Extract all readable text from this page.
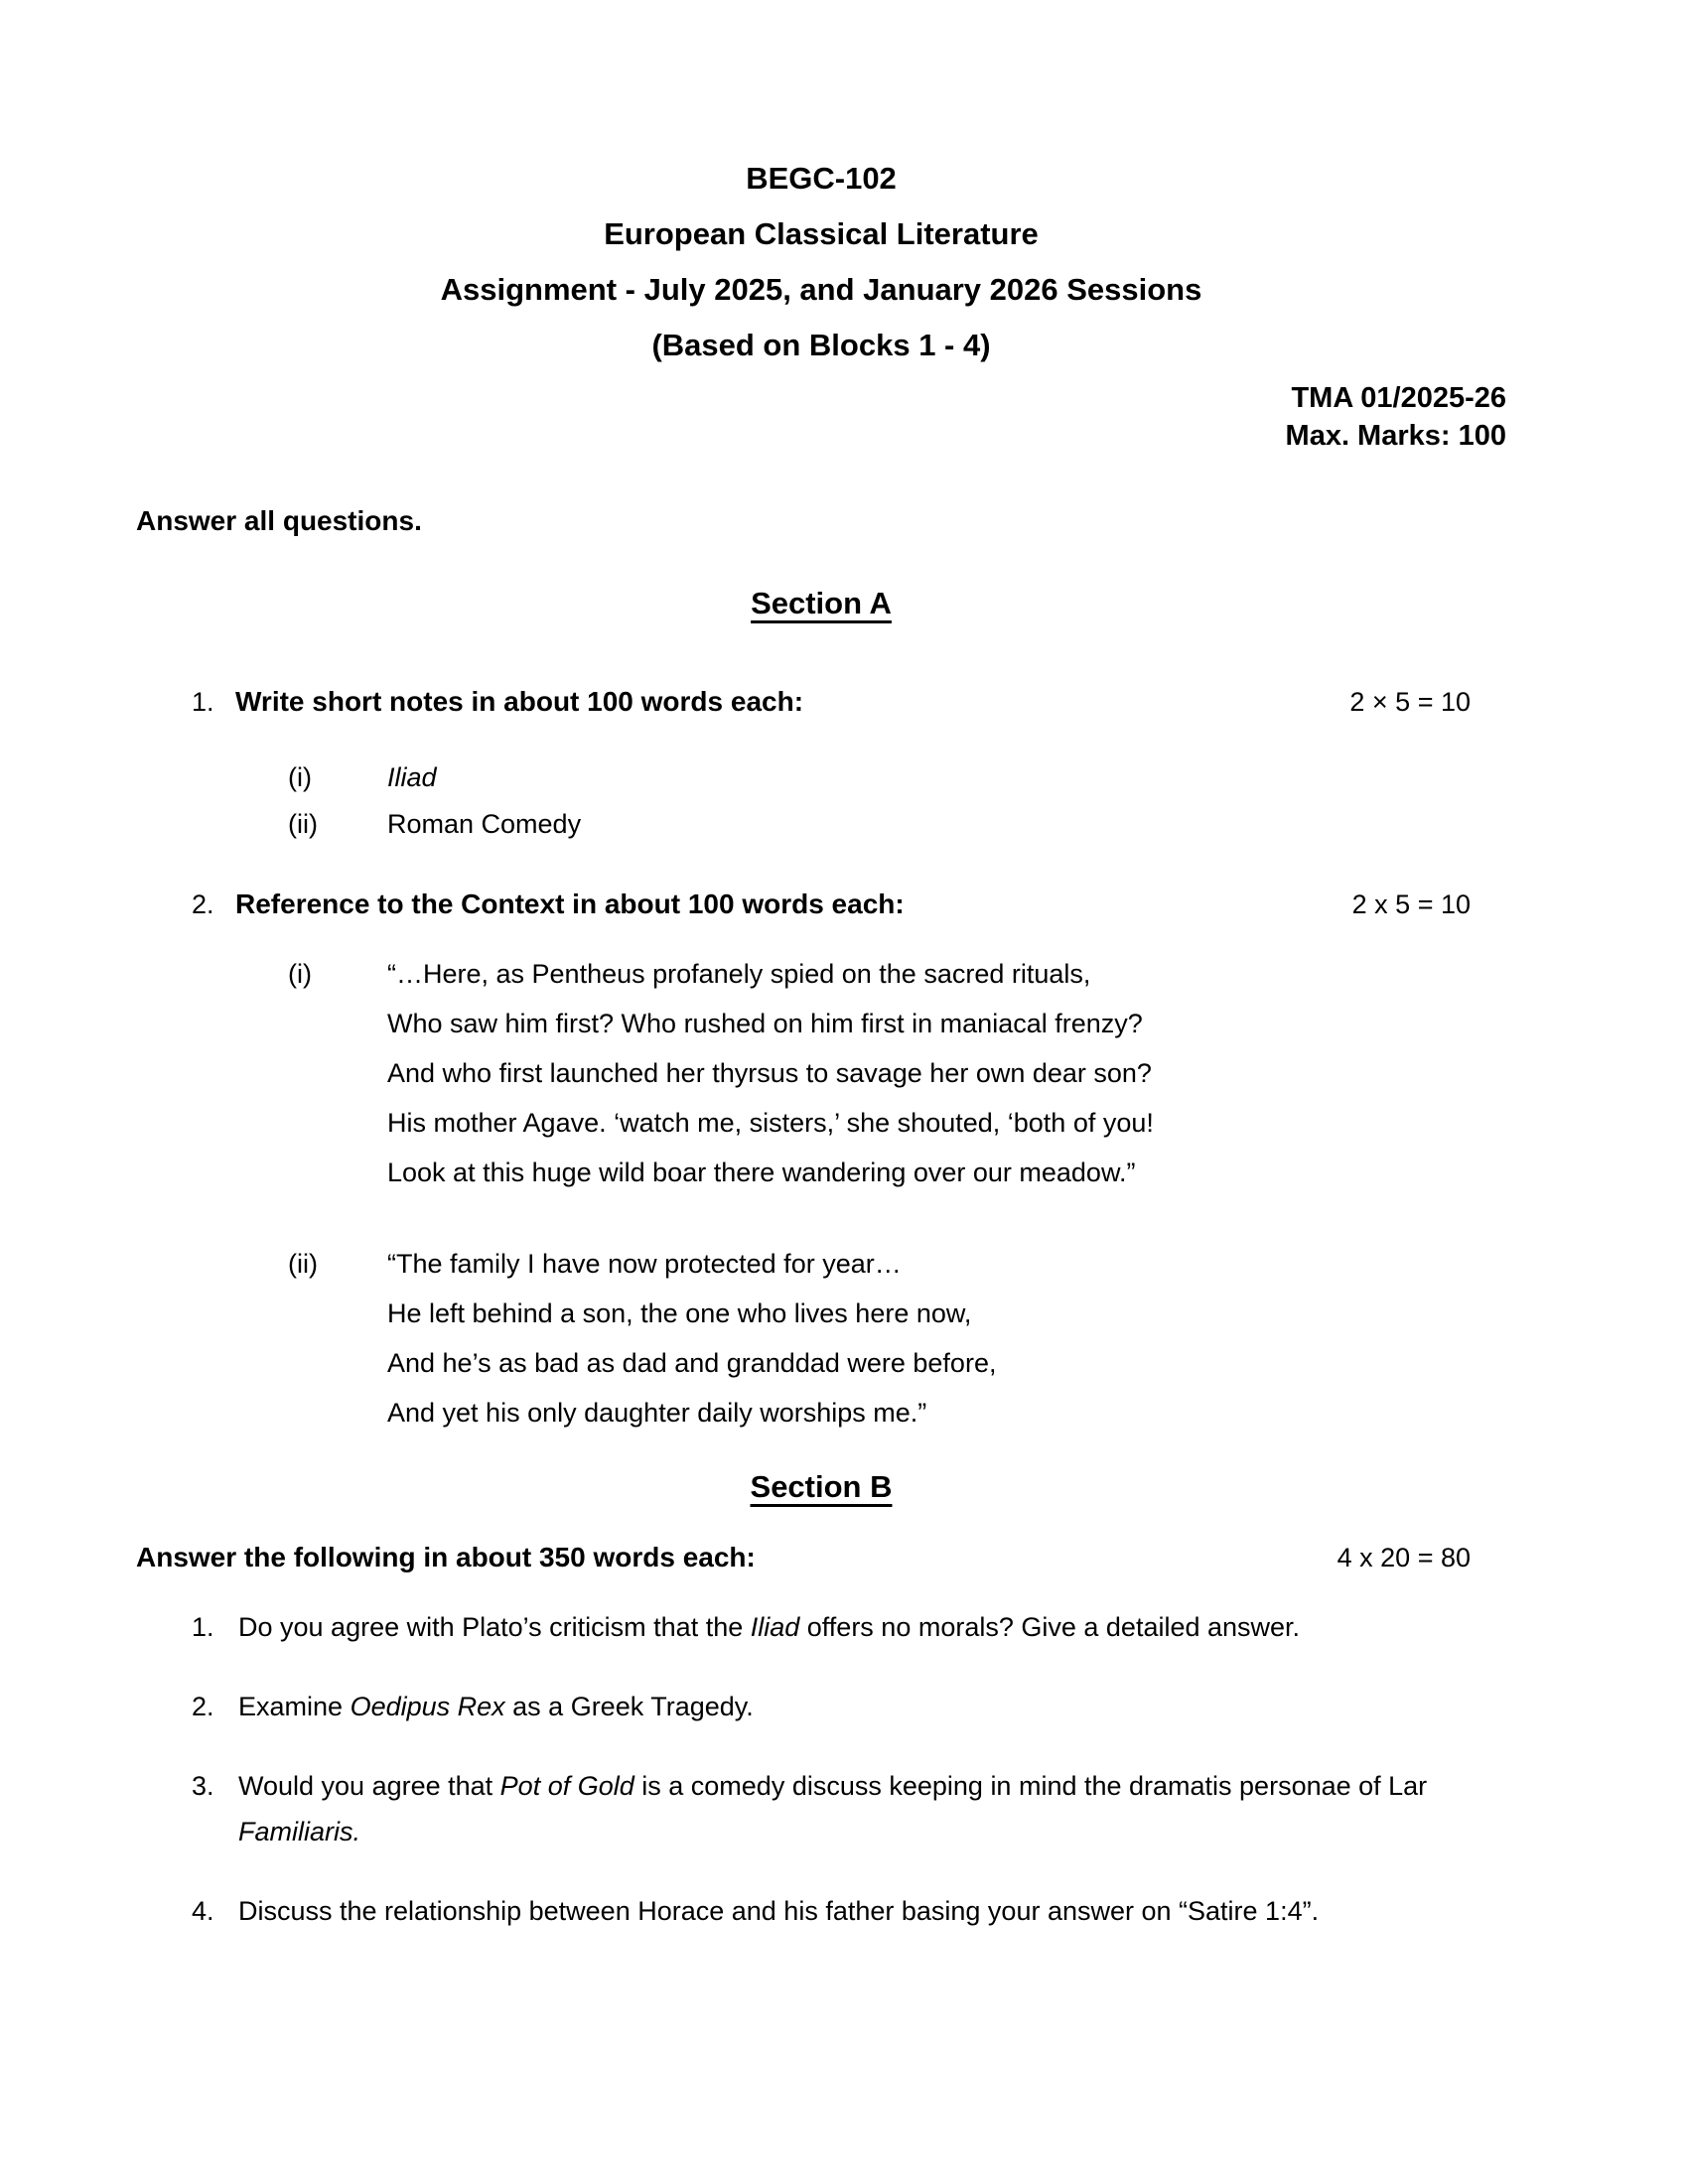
BEGC-102
European Classical Literature
Assignment - July 2025, and January 2026 Sessions
(Based on Blocks 1 - 4)
TMA 01/2025-26
Max. Marks: 100
Answer all questions.
Section A
1. Write short notes in about 100 words each:	2 × 5 = 10
(i)	Iliad
(ii)	Roman Comedy
2. Reference to the Context in about 100 words each:	2 x 5 = 10
(i)	“…Here, as Pentheus profanely spied on the sacred rituals,
Who saw him first? Who rushed on him first in maniacal frenzy?
And who first launched her thyrsus to savage her own dear son?
His mother Agave. ‘watch me, sisters,’ she shouted, ‘both of you!
Look at this huge wild boar there wandering over our meadow.”
(ii)	“The family I have now protected for year…
He left behind a son, the one who lives here now,
And he’s as bad as dad and granddad were before,
And yet his only daughter daily worships me.”
Section B
Answer the following in about 350 words each:	4 x 20 = 80
1. Do you agree with Plato’s criticism that the Iliad offers no morals? Give a detailed answer.
2. Examine Oedipus Rex as a Greek Tragedy.
3. Would you agree that Pot of Gold is a comedy discuss keeping in mind the dramatis personae of Lar Familiaris.
4. Discuss the relationship between Horace and his father basing your answer on “Satire 1:4”.
